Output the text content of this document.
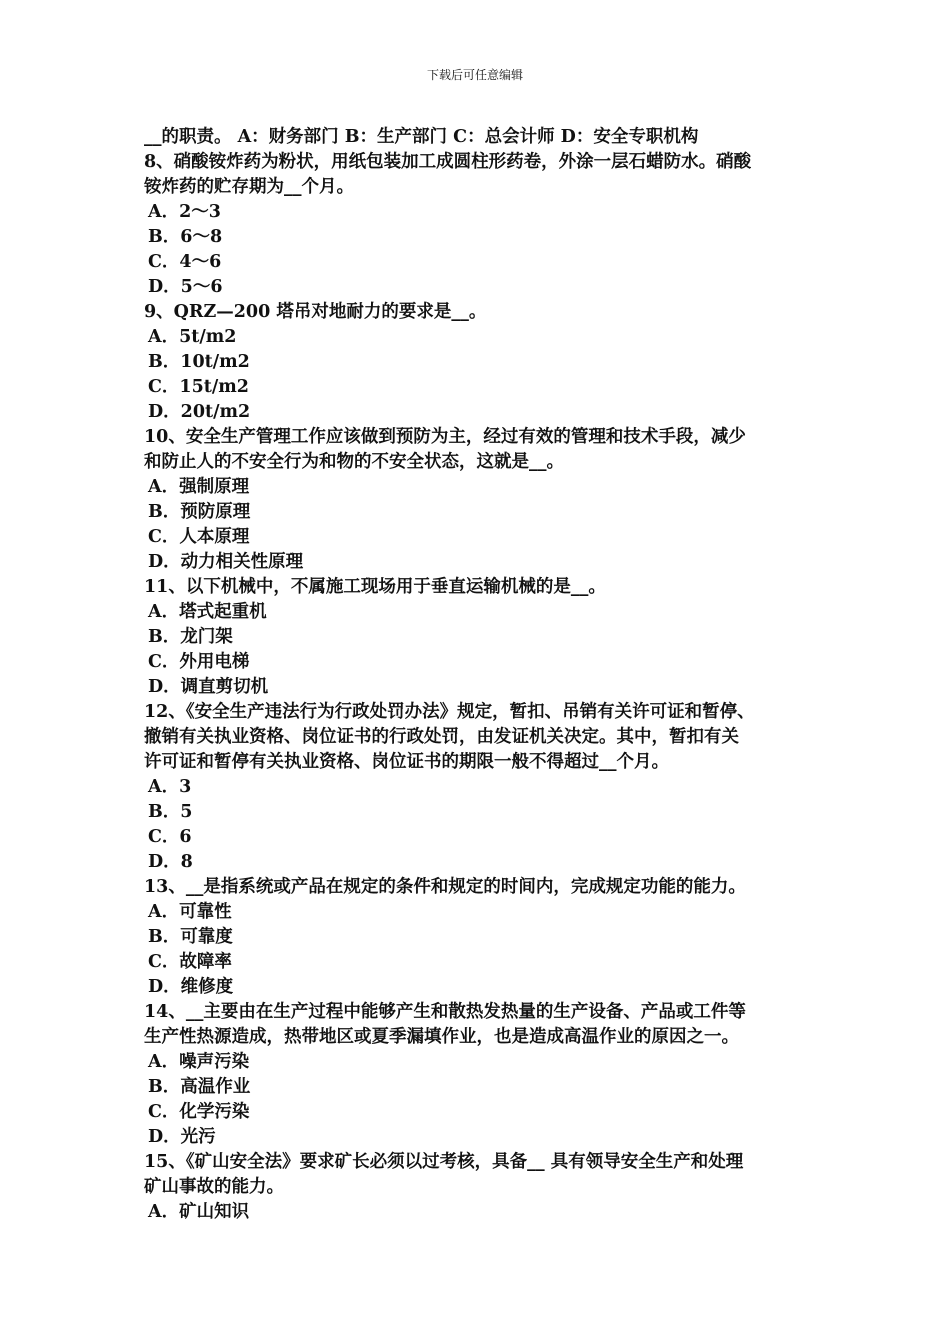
下载后可任意编辑
__的职责。 A：财务部门 B：生产部门 C：总会计师 D：安全专职机构
8、硝酸铵炸药为粉状，用纸包装加工成圆柱形药卷，外涂一层石蜡防水。硝酸
铵炸药的贮存期为__个月。
A．2～3
B．6～8
C．4～6
D．5～6
9、QRZ—200 塔吊对地耐力的要求是__。
A．5t/m2
B．10t/m2
C．15t/m2
D．20t/m2
10、安全生产管理工作应该做到预防为主，经过有效的管理和技术手段，减少
和防止人的不安全行为和物的不安全状态，这就是__。
A．强制原理
B．预防原理
C．人本原理
D．动力相关性原理
11、以下机械中，不属施工现场用于垂直运输机械的是__。
A．塔式起重机
B．龙门架
C．外用电梯
D．调直剪切机
12、《安全生产违法行为行政处罚办法》规定，暂扣、吊销有关许可证和暂停、
撤销有关执业资格、岗位证书的行政处罚，由发证机关决定。其中，暂扣有关
许可证和暂停有关执业资格、岗位证书的期限一般不得超过__个月。
A．3
B．5
C．6
D．8
13、__是指系统或产品在规定的条件和规定的时间内，完成规定功能的能力。
A．可靠性
B．可靠度
C．故障率
D．维修度
14、__主要由在生产过程中能够产生和散热发热量的生产设备、产品或工件等
生产性热源造成，热带地区或夏季漏填作业，也是造成高温作业的原因之一。
A．噪声污染
B．高温作业
C．化学污染
D．光污
15、《矿山安全法》要求矿长必须以过考核，具备__ 具有领导安全生产和处理
矿山事故的能力。
A．矿山知识
